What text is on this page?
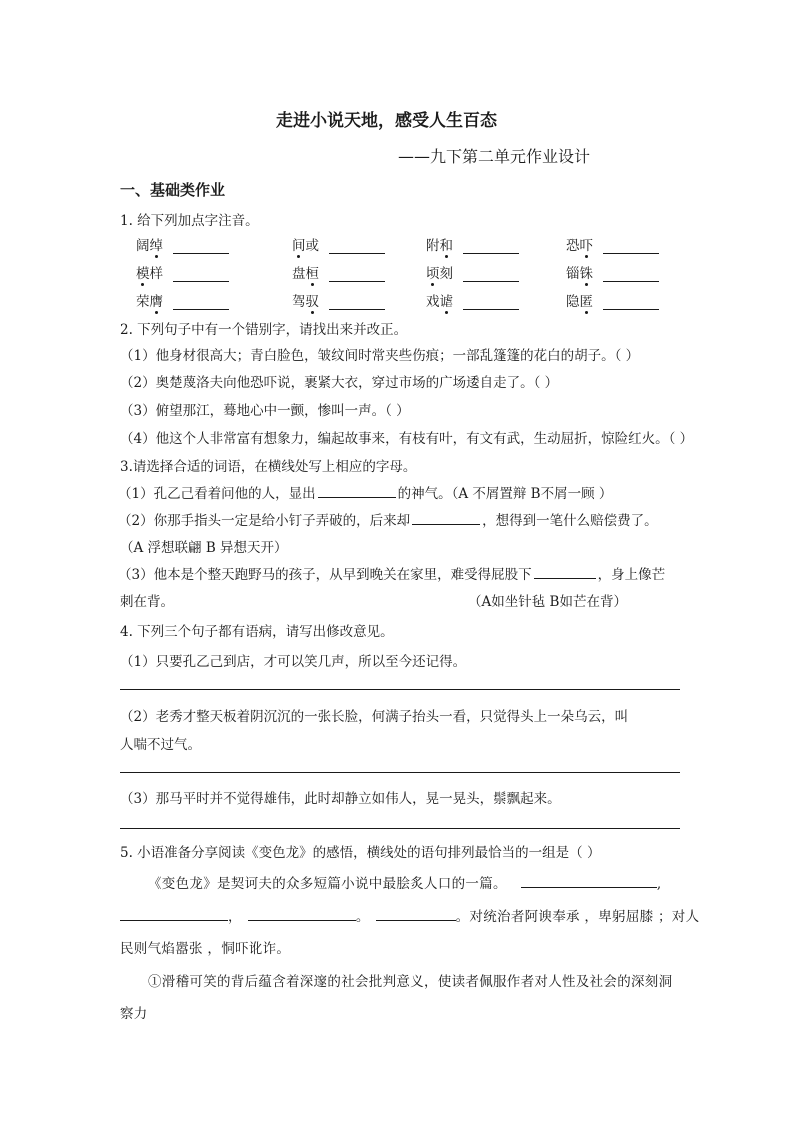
走进小说天地，感受人生百态
——九下第二单元作业设计
一、基础类作业
1. 给下列加点字注音。
阔绰	间或	附和	恐吓
模样	盘桓	顷刻	锱铢
荣膺	驾驭	戏谑	隐匿
2. 下列句子中有一个错别字，请找出来并改正。
（1）他身材很高大；青白脸色，皱纹间时常夹些伤痕；一部乱篷篷的花白的胡子。（ ）
（2）奥楚蔑洛夫向他恐吓说，裹紧大衣，穿过市场的广场逶自走了。（ ）
（3）俯望那江，蓦地心中一颤，惨叫一声。（ ）
（4）他这个人非常富有想象力，编起故事来，有枝有叶，有文有武，生动屈折，惊险红火。（ ）
3.请选择合适的词语，在横线处写上相应的字母。
（1）孔乙己看着问他的人，显出	的神气。（A 不屑置辩 B不屑一顾 ）
（2）你那手指头一定是给小钉子弄破的，后来却	，想得到一笔什么赔偿费了。
（A 浮想联翩 B 异想天开）
（3）他本是个整天跑野马的孩子，从早到晚关在家里，难受得屁股下	，身上像芒
刺在背。	（A如坐针毡 B如芒在背）
4. 下列三个句子都有语病，请写出修改意见。
（1）只要孔乙己到店，才可以笑几声，所以至今还记得。
（2）老秀才整天板着阴沉沉的一张长脸，何满子抬头一看，只觉得头上一朵乌云，叫
人喘不过气。
（3）那马平时并不觉得雄伟，此时却静立如伟人，晃一晃头，鬃飘起来。
5. 小语准备分享阅读《变色龙》的感悟，横线处的语句排列最恰当的一组是（ ）
《变色龙》是契诃夫的众多短篇小说中最脍炙人口的一篇。	,
，	。	。对统治者阿谀奉承 ，卑躬屈膝 ；对人
民则气焰嚣张 ，恫吓讹诈。
①滑稽可笑的背后蕴含着深邃的社会批判意义，使读者佩服作者对人性及社会的深刻洞
察力
